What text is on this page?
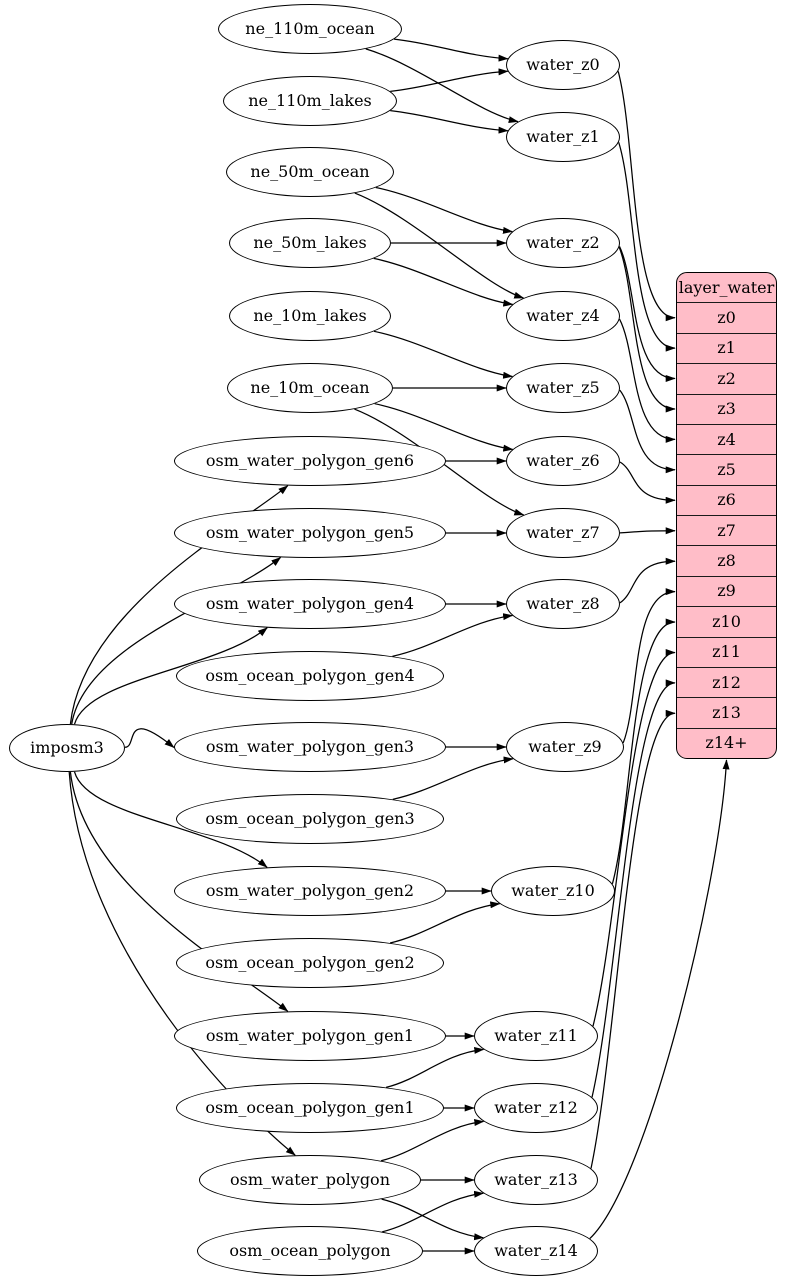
ne_110m_ocean
ne_110m_lakes
ne_50m_ocean
ne_50m_lakes
ne_10m_lakes
ne_10m_ocean
osm_water_polygon_gen6
osm_water_polygon_gen5
osm_water_polygon_gen4
osm_ocean_polygon_gen4
osm_water_polygon_gen3
osm_ocean_polygon_gen3
osm_water_polygon_gen2
osm_ocean_polygon_gen2
osm_water_polygon_gen1
osm_ocean_polygon_gen1
osm_water_polygon
osm_ocean_polygon
imposm3
water_z0
water_z1
water_z2
water_z4
water_z5
water_z6
water_z7
water_z8
water_z9
water_z10
water_z11
water_z12
water_z13
water_z14
layer_water
z0
z1
z2
z3
z4
z5
z6
z7
z8
z9
z10
z11
z12
z13
z14+
